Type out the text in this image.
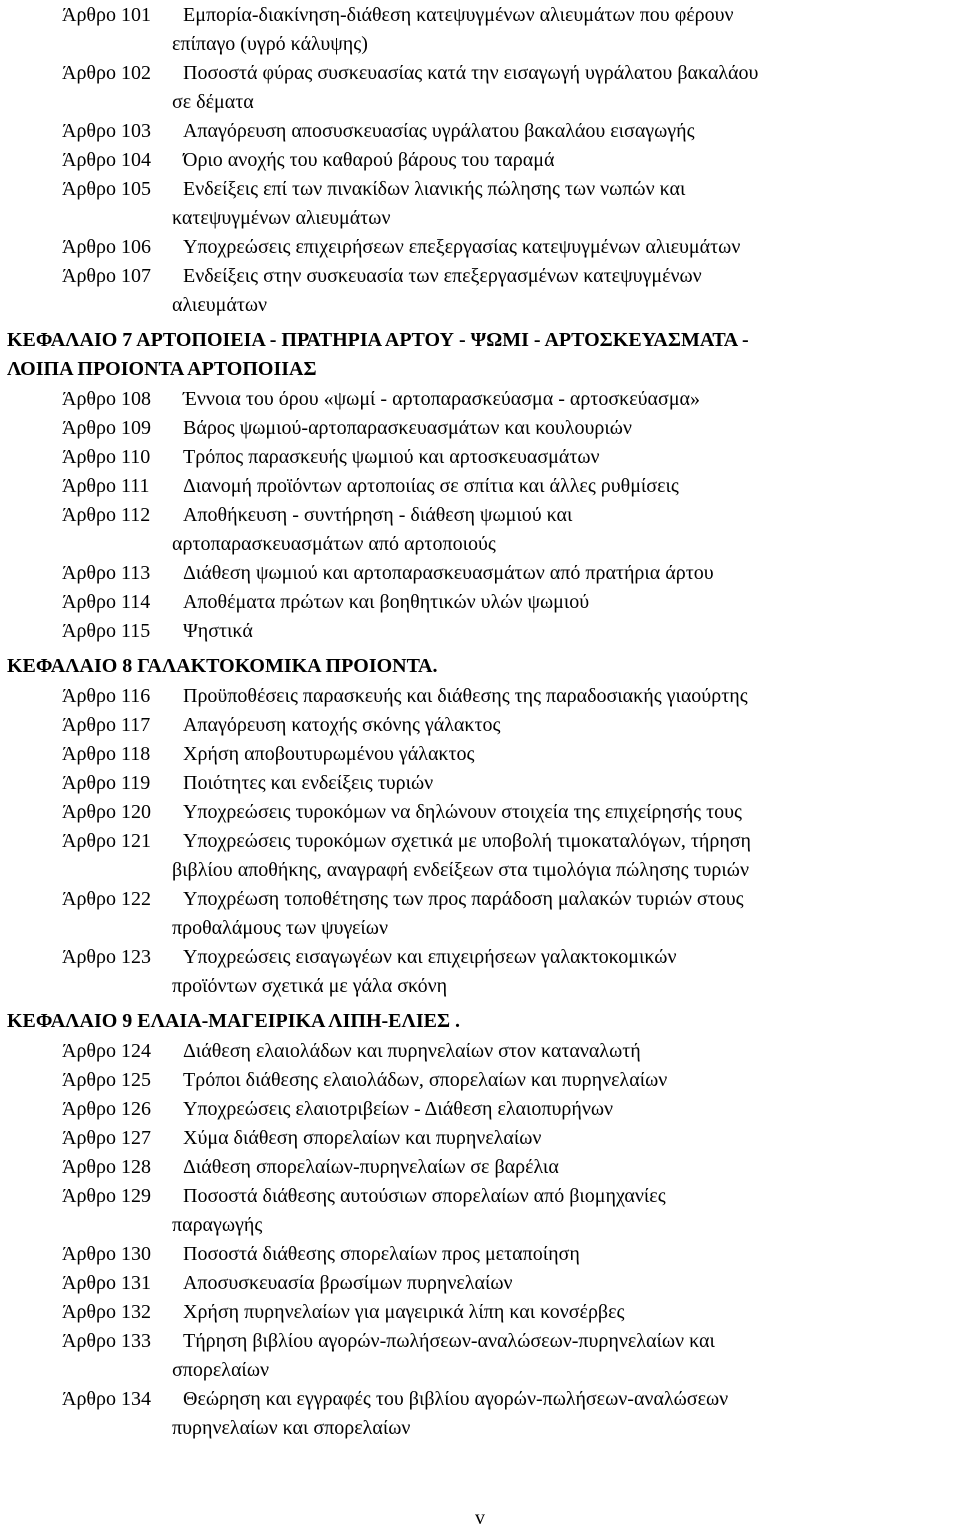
Άρθρο 101 Εμπορία-διακίνηση-διάθεση κατεψυγμένων αλιευμάτων που φέρουν
επίπαγο (υγρό κάλυψης)
Άρθρο 102 Ποσοστά φύρας συσκευασίας κατά την εισαγωγή υγράλατου βακαλάου
σε δέματα
Άρθρο 103 Απαγόρευση αποσυσκευασίας υγράλατου βακαλάου εισαγωγής
Άρθρο 104 Όριο ανοχής του καθαρού βάρους του ταραμά
Άρθρο 105 Ενδείξεις επί των πινακίδων λιανικής πώλησης των νωπών και
κατεψυγμένων αλιευμάτων
Άρθρο 106 Υποχρεώσεις επιχειρήσεων επεξεργασίας κατεψυγμένων αλιευμάτων
Άρθρο 107 Ενδείξεις στην συσκευασία των επεξεργασμένων κατεψυγμένων
αλιευμάτων
ΚΕΦΑΛΑΙΟ 7 ΑΡΤΟΠΟΙΕΙΑ - ΠΡΑΤΗΡΙΑ ΑΡΤΟΥ - ΨΩΜΙ - ΑΡΤΟΣΚΕΥΑΣΜΑΤΑ -
ΛΟΙΠΑ ΠΡΟΙΟΝΤΑ ΑΡΤΟΠΟΙΙΑΣ
Άρθρο 108 Έννοια του όρου «ψωμί - αρτοπαρασκεύασμα - αρτοσκεύασμα»
Άρθρο 109 Βάρος ψωμιού-αρτοπαρασκευασμάτων και κουλουριών
Άρθρο 110 Τρόπος παρασκευής ψωμιού και αρτοσκευασμάτων
Άρθρο 111 Διανομή προϊόντων αρτοποιίας σε σπίτια και άλλες ρυθμίσεις
Άρθρο 112 Αποθήκευση - συντήρηση - διάθεση ψωμιού και
αρτοπαρασκευασμάτων από αρτοποιούς
Άρθρο 113 Διάθεση ψωμιού και αρτοπαρασκευασμάτων από πρατήρια άρτου
Άρθρο 114 Αποθέματα πρώτων και βοηθητικών υλών ψωμιού
Άρθρο 115 Ψηστικά
ΚΕΦΑΛΑΙΟ 8 ΓΑΛΑΚΤΟΚΟΜΙΚΑ ΠΡΟΙΟΝΤΑ.
Άρθρο 116 Προϋποθέσεις παρασκευής και διάθεσης της παραδοσιακής γιαούρτης
Άρθρο 117 Απαγόρευση κατοχής σκόνης γάλακτος
Άρθρο 118 Χρήση αποβουτυρωμένου γάλακτος
Άρθρο 119 Ποιότητες και ενδείξεις τυριών
Άρθρο 120 Υποχρεώσεις τυροκόμων να δηλώνουν στοιχεία της επιχείρησής τους
Άρθρο 121 Υποχρεώσεις τυροκόμων σχετικά με υποβολή τιμοκαταλόγων, τήρηση
βιβλίου αποθήκης, αναγραφή ενδείξεων στα τιμολόγια πώλησης τυριών
Άρθρο 122 Υποχρέωση τοποθέτησης των προς παράδοση μαλακών τυριών στους
προθαλάμους των ψυγείων
Άρθρο 123 Υποχρεώσεις εισαγωγέων και επιχειρήσεων γαλακτοκομικών
προϊόντων σχετικά με γάλα σκόνη
ΚΕΦΑΛΑΙΟ 9 ΕΛΑΙΑ-ΜΑΓΕΙΡΙΚΑ ΛΙΠΗ-ΕΛΙΕΣ .
Άρθρο 124 Διάθεση ελαιολάδων και πυρηνελαίων στον καταναλωτή
Άρθρο 125 Τρόποι διάθεσης ελαιολάδων, σπορελαίων και πυρηνελαίων
Άρθρο 126 Υποχρεώσεις ελαιοτριβείων - Διάθεση ελαιοπυρήνων
Άρθρο 127 Χύμα διάθεση σπορελαίων και πυρηνελαίων
Άρθρο 128 Διάθεση σπορελαίων-πυρηνελαίων σε βαρέλια
Άρθρο 129 Ποσοστά διάθεσης αυτούσιων σπορελαίων από βιομηχανίες
παραγωγής
Άρθρο 130 Ποσοστά διάθεσης σπορελαίων προς μεταποίηση
Άρθρο 131 Αποσυσκευασία βρωσίμων πυρηνελαίων
Άρθρο 132 Χρήση πυρηνελαίων για μαγειρικά λίπη και κονσέρβες
Άρθρο 133 Τήρηση βιβλίου αγορών-πωλήσεων-αναλώσεων-πυρηνελαίων και
σπορελαίων
Άρθρο 134 Θεώρηση και εγγραφές του βιβλίου αγορών-πωλήσεων-αναλώσεων
πυρηνελαίων και σπορελαίων
v
